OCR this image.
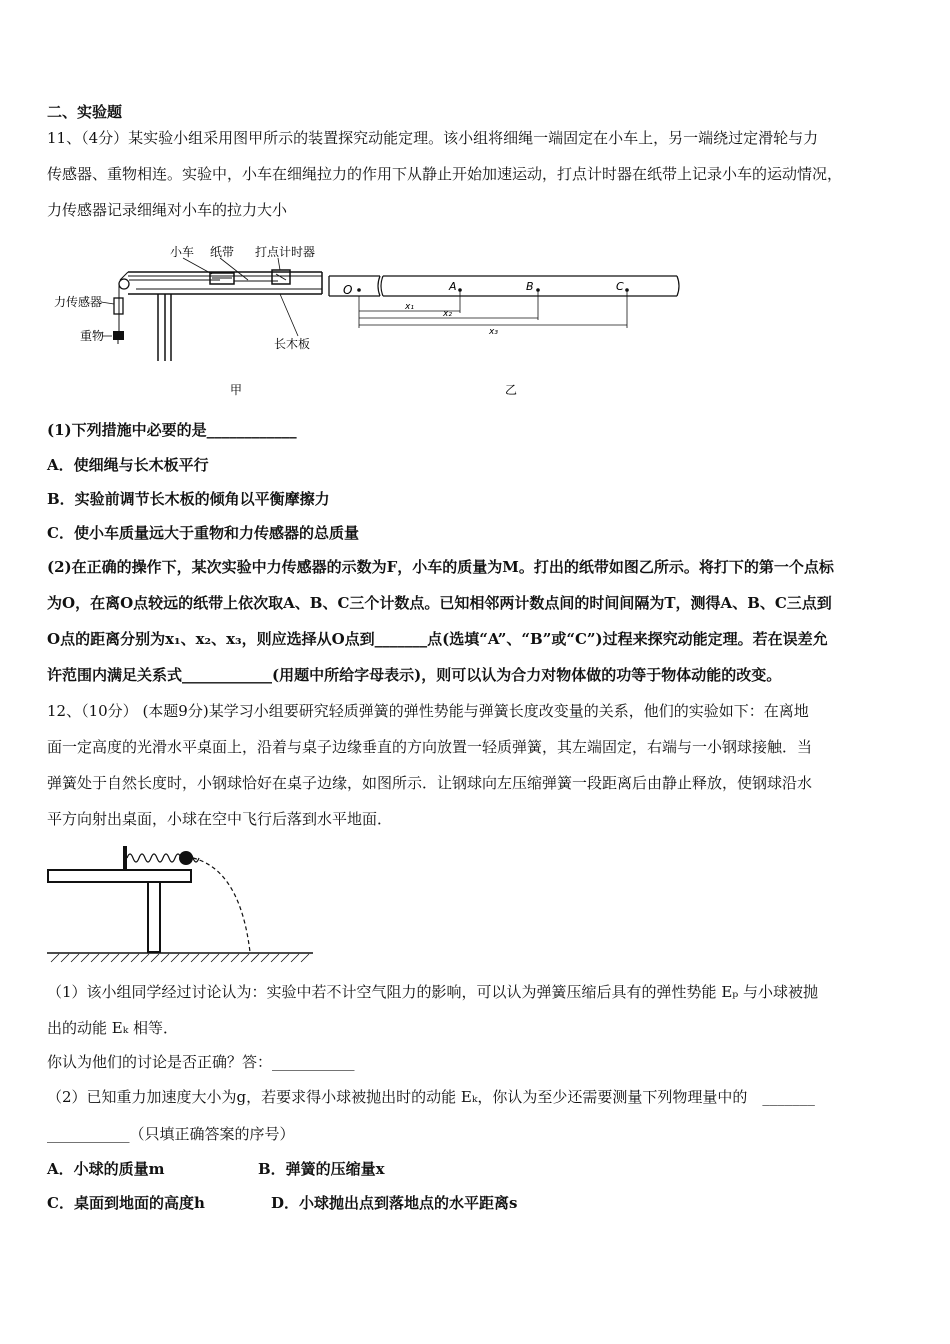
二、实验题
11、（4分）某实验小组采用图甲所示的装置探究动能定理。该小组将细绳一端固定在小车上，另一端绕过定滑轮与力
传感器、重物相连。实验中，小车在细绳拉力的作用下从静止开始加速运动，打点计时器在纸带上记录小车的运动情况，
力传感器记录细绳对小车的拉力大小
小车 纸带 打点计时器
力传感器
重物
长木板
甲
O	A	B	C
x₁
x₂
x₃
乙
(1)下列措施中必要的是____________
A．使细绳与长木板平行
B．实验前调节长木板的倾角以平衡摩擦力
C．使小车质量远大于重物和力传感器的总质量
(2)在正确的操作下，某次实验中力传感器的示数为F，小车的质量为M。打出的纸带如图乙所示。将打下的第一个点标
为O，在离O点较远的纸带上依次取A、B、C三个计数点。已知相邻两计数点间的时间间隔为T，测得A、B、C三点到
O点的距离分别为x₁、x₂、x₃，则应选择从O点到_______点(选填“A”、“B”或“C”)过程来探究动能定理。若在误差允
许范围内满足关系式____________(用题中所给字母表示)，则可以认为合力对物体做的功等于物体动能的改变。
12、（10分） (本题9分)某学习小组要研究轻质弹簧的弹性势能与弹簧长度改变量的关系，他们的实验如下：在离地
面一定高度的光滑水平桌面上，沿着与桌子边缘垂直的方向放置一轻质弹簧，其左端固定，右端与一小钢球接触．当
弹簧处于自然长度时，小钢球恰好在桌子边缘，如图所示．让钢球向左压缩弹簧一段距离后由静止释放，使钢球沿水
平方向射出桌面，小球在空中飞行后落到水平地面．
（1）该小组同学经过讨论认为：实验中若不计空气阻力的影响，可以认为弹簧压缩后具有的弹性势能 Eₚ 与小球被抛
出的动能 Eₖ 相等．
你认为他们的讨论是否正确？答：___________
（2）已知重力加速度大小为g，若要求得小球被抛出时的动能 Eₖ，你认为至少还需要测量下列物理量中的　_______
___________（只填正确答案的序号）
A．小球的质量m	B．弹簧的压缩量x
C．桌面到地面的高度h	D．小球抛出点到落地点的水平距离s
